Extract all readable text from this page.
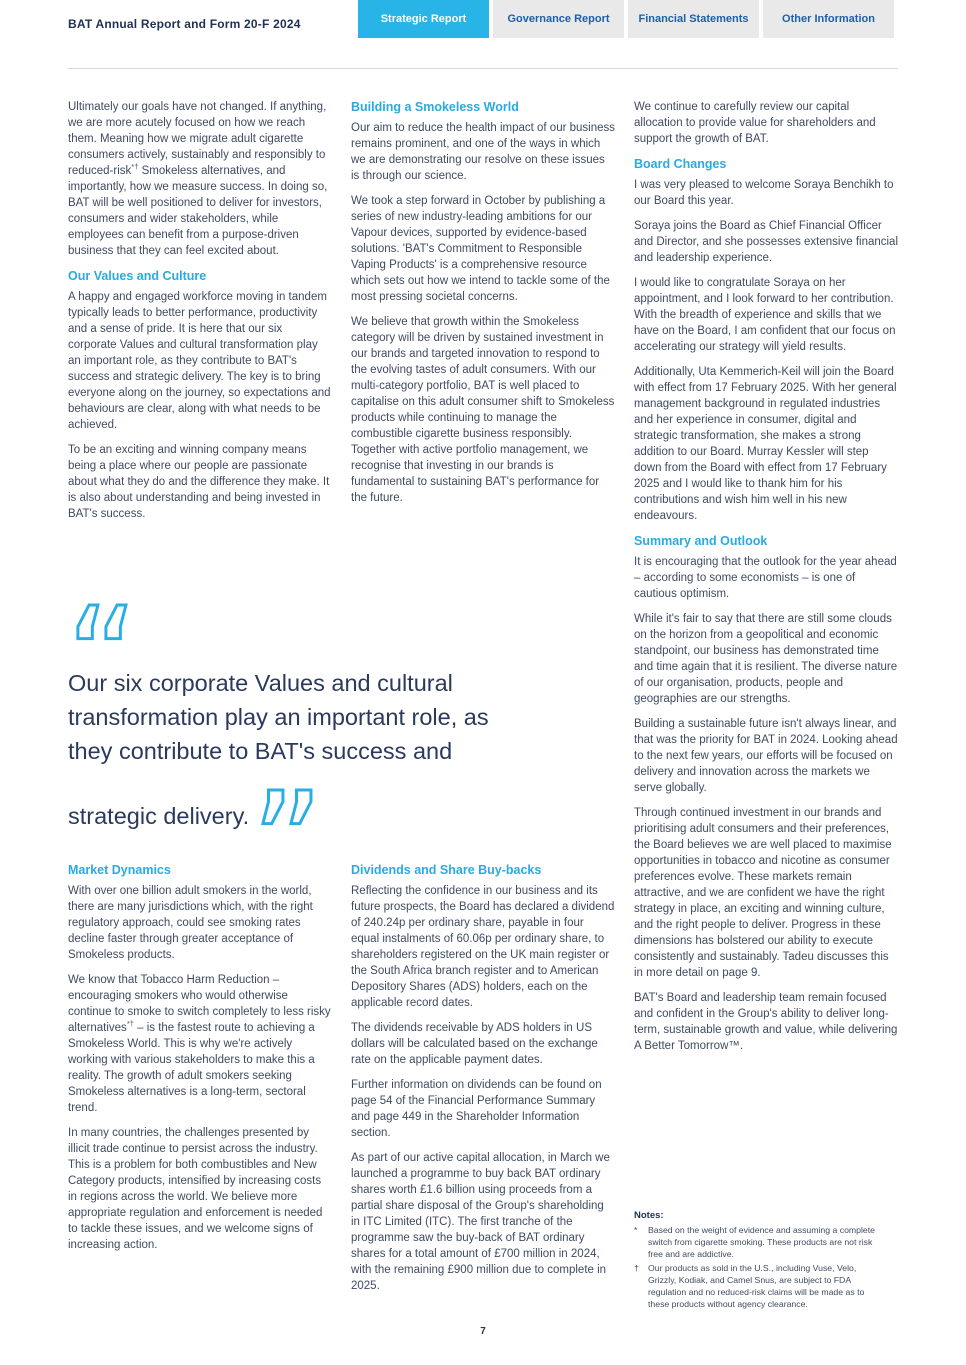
BAT Annual Report and Form 20-F 2024	Strategic Report	Governance Report	Financial Statements	Other Information

Ultimately our goals have not changed. If anything, we are more acutely focused on how we reach them. Meaning how we migrate adult cigarette consumers actively, sustainably and responsibly to reduced-risk*† Smokeless alternatives, and importantly, how we measure success. In doing so, BAT will be well positioned to deliver for investors, consumers and wider stakeholders, while employees can benefit from a purpose-driven business that they can feel excited about.

Our Values and Culture

A happy and engaged workforce moving in tandem typically leads to better performance, productivity and a sense of pride. It is here that our six corporate Values and cultural transformation play an important role, as they contribute to BAT's success and strategic delivery. The key is to bring everyone along on the journey, so expectations and behaviours are clear, along with what needs to be achieved.

To be an exciting and winning company means being a place where our people are passionate about what they do and the difference they make. It is also about understanding and being invested in BAT's success.

Building a Smokeless World

Our aim to reduce the health impact of our business remains prominent, and one of the ways in which we are demonstrating our resolve on these issues is through our science.

We took a step forward in October by publishing a series of new industry-leading ambitions for our Vapour devices, supported by evidence-based solutions. 'BAT's Commitment to Responsible Vaping Products' is a comprehensive resource which sets out how we intend to tackle some of the most pressing societal concerns.

We believe that growth within the Smokeless category will be driven by sustained investment in our brands and targeted innovation to respond to the evolving tastes of adult consumers. With our multi-category portfolio, BAT is well placed to capitalise on this adult consumer shift to Smokeless products while continuing to manage the combustible cigarette business responsibly. Together with active portfolio management, we recognise that investing in our brands is fundamental to sustaining BAT's performance for the future.

We continue to carefully review our capital allocation to provide value for shareholders and support the growth of BAT.

Board Changes

I was very pleased to welcome Soraya Benchikh to our Board this year.

Soraya joins the Board as Chief Financial Officer and Director, and she possesses extensive financial and leadership experience.

I would like to congratulate Soraya on her appointment, and I look forward to her contribution. With the breadth of experience and skills that we have on the Board, I am confident that our focus on accelerating our strategy will yield results.

Additionally, Uta Kemmerich-Keil will join the Board with effect from 17 February 2025. With her general management background in regulated industries and her experience in consumer, digital and strategic transformation, she makes a strong addition to our Board. Murray Kessler will step down from the Board with effect from 17 February 2025 and I would like to thank him for his contributions and wish him well in his new endeavours.

Summary and Outlook

It is encouraging that the outlook for the year ahead – according to some economists – is one of cautious optimism.

While it's fair to say that there are still some clouds on the horizon from a geopolitical and economic standpoint, our business has demonstrated time and time again that it is resilient. The diverse nature of our organisation, products, people and geographies are our strengths.

Building a sustainable future isn't always linear, and that was the priority for BAT in 2024. Looking ahead to the next few years, our efforts will be focused on delivery and innovation across the markets we serve globally.

Through continued investment in our brands and prioritising adult consumers and their preferences, the Board believes we are well placed to maximise opportunities in tobacco and nicotine as consumer preferences evolve. These markets remain attractive, and we are confident we have the right strategy in place, an exciting and winning culture, and the right people to deliver. Progress in these dimensions has bolstered our ability to execute consistently and sustainably. Tadeu discusses this in more detail on page 9.

BAT's Board and leadership team remain focused and confident in the Group's ability to deliver long-term, sustainable growth and value, while delivering A Better Tomorrow™.

“
Our six corporate Values and cultural transformation play an important role, as they contribute to BAT's success and strategic delivery. ”
Market Dynamics

With over one billion adult smokers in the world, there are many jurisdictions which, with the right regulatory approach, could see smoking rates decline faster through greater acceptance of Smokeless products.

We know that Tobacco Harm Reduction – encouraging smokers who would otherwise continue to smoke to switch completely to less risky alternatives*† – is the fastest route to achieving a Smokeless World. This is why we're actively working with various stakeholders to make this a reality. The growth of adult smokers seeking Smokeless alternatives is a long-term, sectoral trend.

In many countries, the challenges presented by illicit trade continue to persist across the industry. This is a problem for both combustibles and New Category products, intensified by increasing costs in regions across the world. We believe more appropriate regulation and enforcement is needed to tackle these issues, and we welcome signs of increasing action.

Dividends and Share Buy-backs

Reflecting the confidence in our business and its future prospects, the Board has declared a dividend of 240.24p per ordinary share, payable in four equal instalments of 60.06p per ordinary share, to shareholders registered on the UK main register or the South Africa branch register and to American Depository Shares (ADS) holders, each on the applicable record dates.

The dividends receivable by ADS holders in US dollars will be calculated based on the exchange rate on the applicable payment dates.

Further information on dividends can be found on page 54 of the Financial Performance Summary and page 449 in the Shareholder Information section.

As part of our active capital allocation, in March we launched a programme to buy back BAT ordinary shares worth £1.6 billion using proceeds from a partial share disposal of the Group's shareholding in ITC Limited (ITC). The first tranche of the programme saw the buy-back of BAT ordinary shares for a total amount of £700 million in 2024, with the remaining £900 million due to complete in 2025.

Notes:
*	Based on the weight of evidence and assuming a complete switch from cigarette smoking. These products are not risk free and are addictive.
†	Our products as sold in the U.S., including Vuse, Velo, Grizzly, Kodiak, and Camel Snus, are subject to FDA regulation and no reduced-risk claims will be made as to these products without agency clearance.
7
